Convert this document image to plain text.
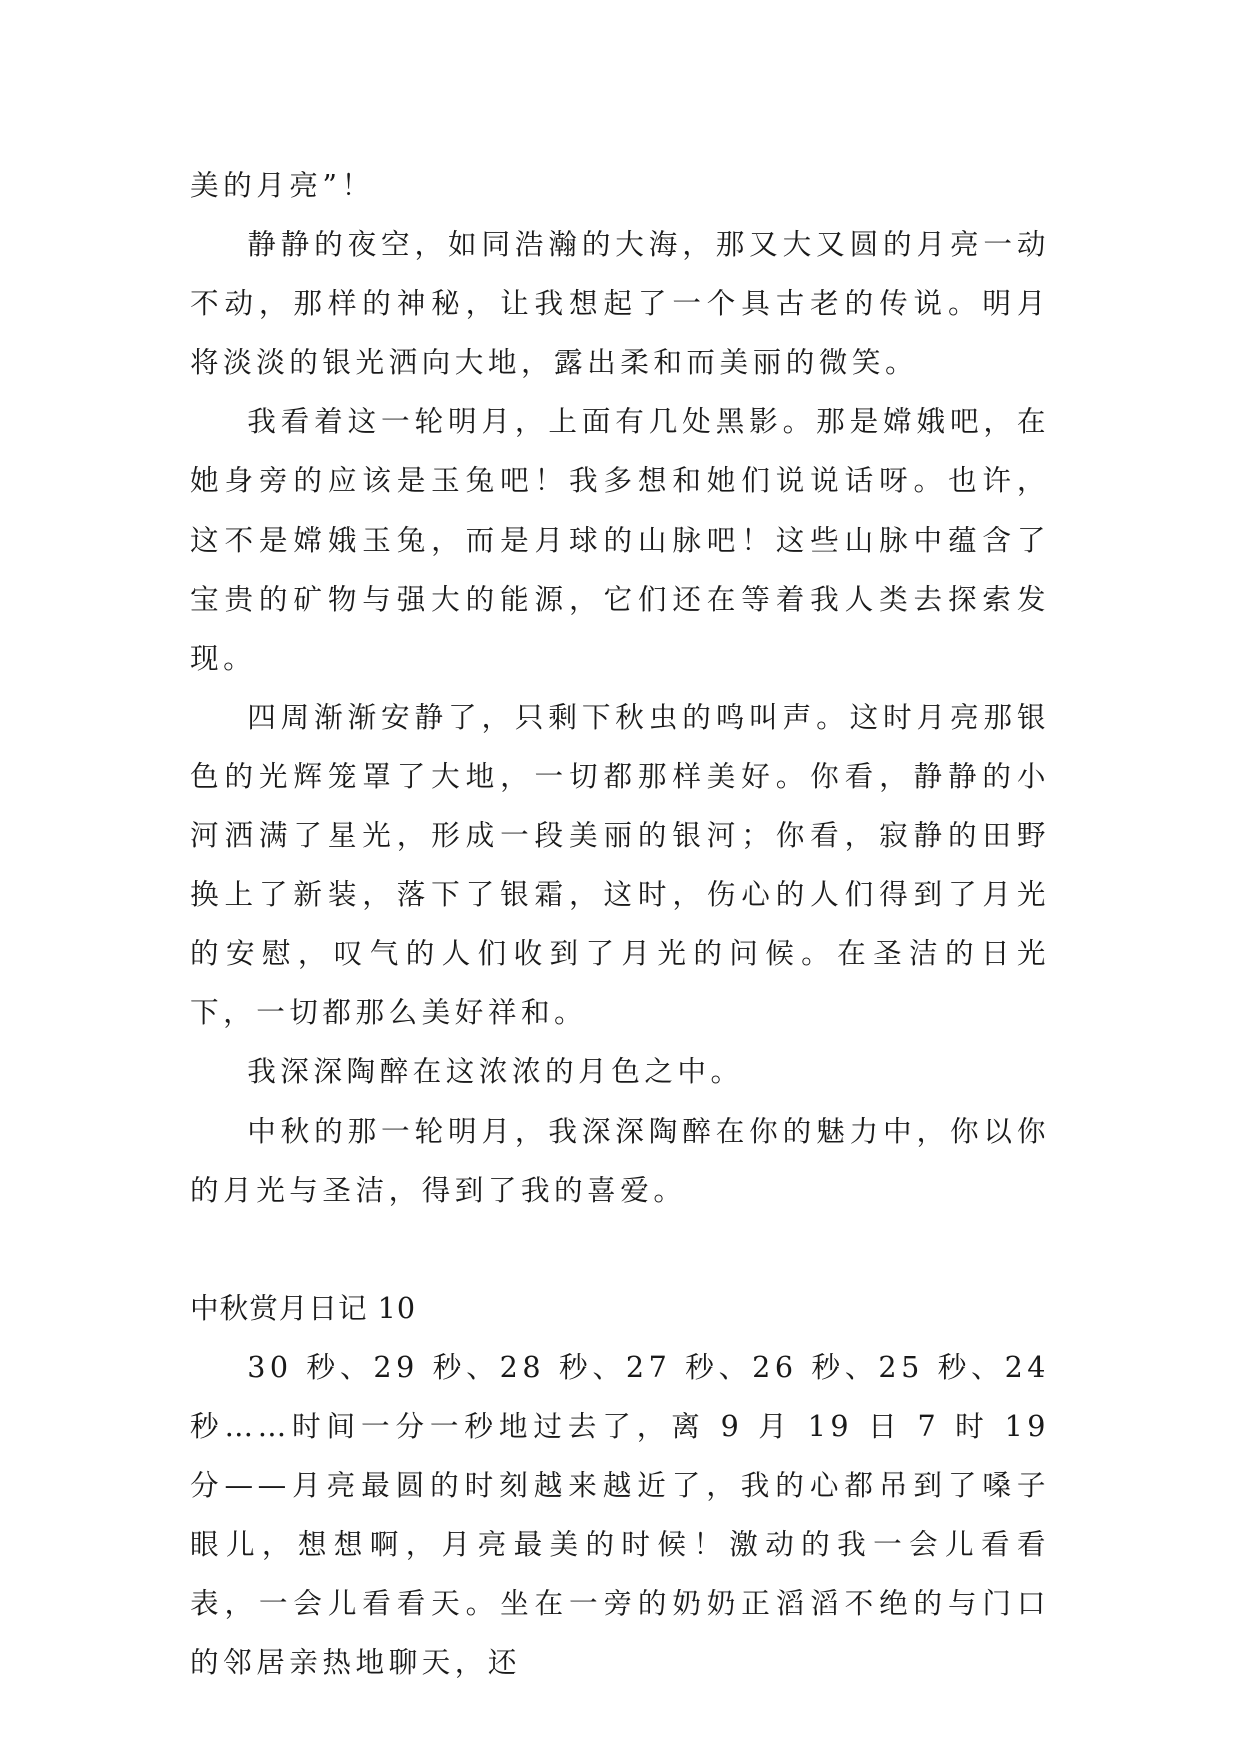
美的月亮”！

静静的夜空，如同浩瀚的大海，那又大又圆的月亮一动不动，那样的神秘，让我想起了一个具古老的传说。明月将淡淡的银光洒向大地，露出柔和而美丽的微笑。

我看着这一轮明月，上面有几处黑影。那是嫦娥吧，在她身旁的应该是玉兔吧！我多想和她们说说话呀。也许，这不是嫦娥玉兔，而是月球的山脉吧！这些山脉中蕴含了宝贵的矿物与强大的能源，它们还在等着我人类去探索发现。

四周渐渐安静了，只剩下秋虫的鸣叫声。这时月亮那银色的光辉笼罩了大地，一切都那样美好。你看，静静的小河洒满了星光，形成一段美丽的银河；你看，寂静的田野换上了新装，落下了银霜，这时，伤心的人们得到了月光的安慰，叹气的人们收到了月光的问候。在圣洁的日光下，一切都那么美好祥和。

我深深陶醉在这浓浓的月色之中。

中秋的那一轮明月，我深深陶醉在你的魅力中，你以你的月光与圣洁，得到了我的喜爱。

中秋赏月日记 10

30 秒、29 秒、28 秒、27 秒、26 秒、25 秒、24 秒……时间一分一秒地过去了，离 9 月 19 日 7 时 19 分——月亮最圆的时刻越来越近了，我的心都吊到了嗓子眼儿，想想啊，月亮最美的时候！激动的我一会儿看看表，一会儿看看天。坐在一旁的奶奶正滔滔不绝的与门口的邻居亲热地聊天，还
